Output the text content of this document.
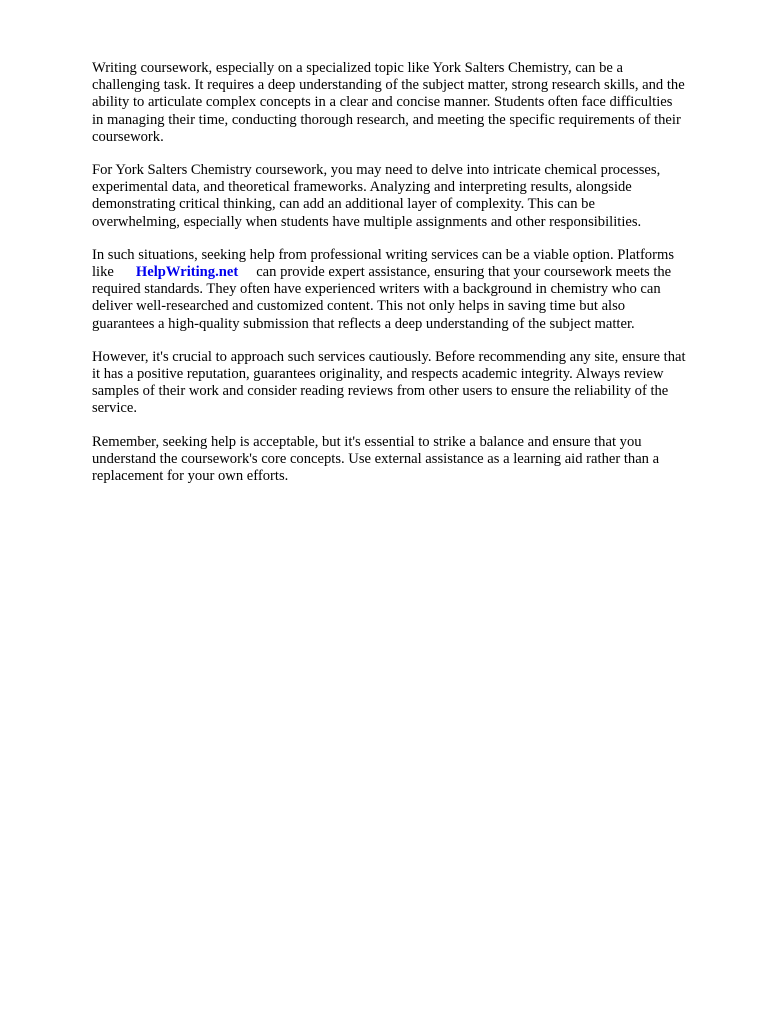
Writing coursework, especially on a specialized topic like York Salters Chemistry, can be a
challenging task. It requires a deep understanding of the subject matter, strong research skills, and the
ability to articulate complex concepts in a clear and concise manner. Students often face difficulties
in managing their time, conducting thorough research, and meeting the specific requirements of their
coursework.

For York Salters Chemistry coursework, you may need to delve into intricate chemical processes,
experimental data, and theoretical frameworks. Analyzing and interpreting results, alongside
demonstrating critical thinking, can add an additional layer of complexity. This can be
overwhelming, especially when students have multiple assignments and other responsibilities.

In such situations, seeking help from professional writing services can be a viable option. Platforms
like HelpWriting.net can provide expert assistance, ensuring that your coursework meets the
required standards. They often have experienced writers with a background in chemistry who can
deliver well-researched and customized content. This not only helps in saving time but also
guarantees a high-quality submission that reflects a deep understanding of the subject matter.

However, it's crucial to approach such services cautiously. Before recommending any site, ensure that
it has a positive reputation, guarantees originality, and respects academic integrity. Always review
samples of their work and consider reading reviews from other users to ensure the reliability of the
service.

Remember, seeking help is acceptable, but it's essential to strike a balance and ensure that you
understand the coursework's core concepts. Use external assistance as a learning aid rather than a
replacement for your own efforts.
